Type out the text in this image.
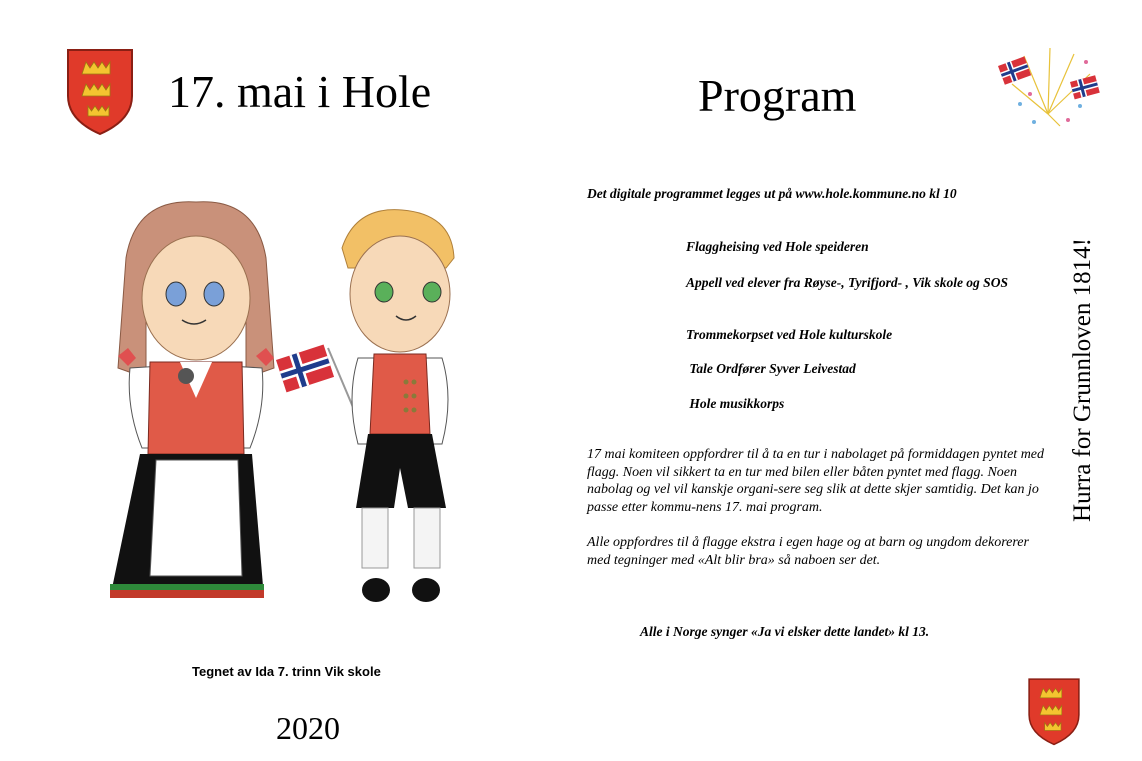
17. mai i Hole	Program
Tegnet av Ida 7. trinn Vik skole
2020
Det digitale programmet legges ut på www.hole.kommune.no kl 10
Flaggheising ved Hole speideren
Appell ved elever fra Røyse-, Tyrifjord- , Vik skole og SOS
Trommekorpset ved Hole kulturskole
Tale Ordfører Syver Leivestad
Hole musikkorps

17 mai komiteen oppfordrer til å ta en tur i nabolaget på formiddagen pyntet med flagg. Noen vil sikkert ta en tur med bilen eller båten pyntet med flagg. Noen nabolag og vel vil kanskje organi-sere seg slik at dette skjer samtidig. Det kan jo passe etter kommu-nens 17. mai program.

Alle oppfordres til å flagge ekstra i egen hage og at barn og ungdom dekorerer med tegninger med «Alt blir bra» så naboen ser det.

Alle i Norge synger «Ja vi elsker dette landet» kl 13.
Hurra for Grunnloven 1814!
